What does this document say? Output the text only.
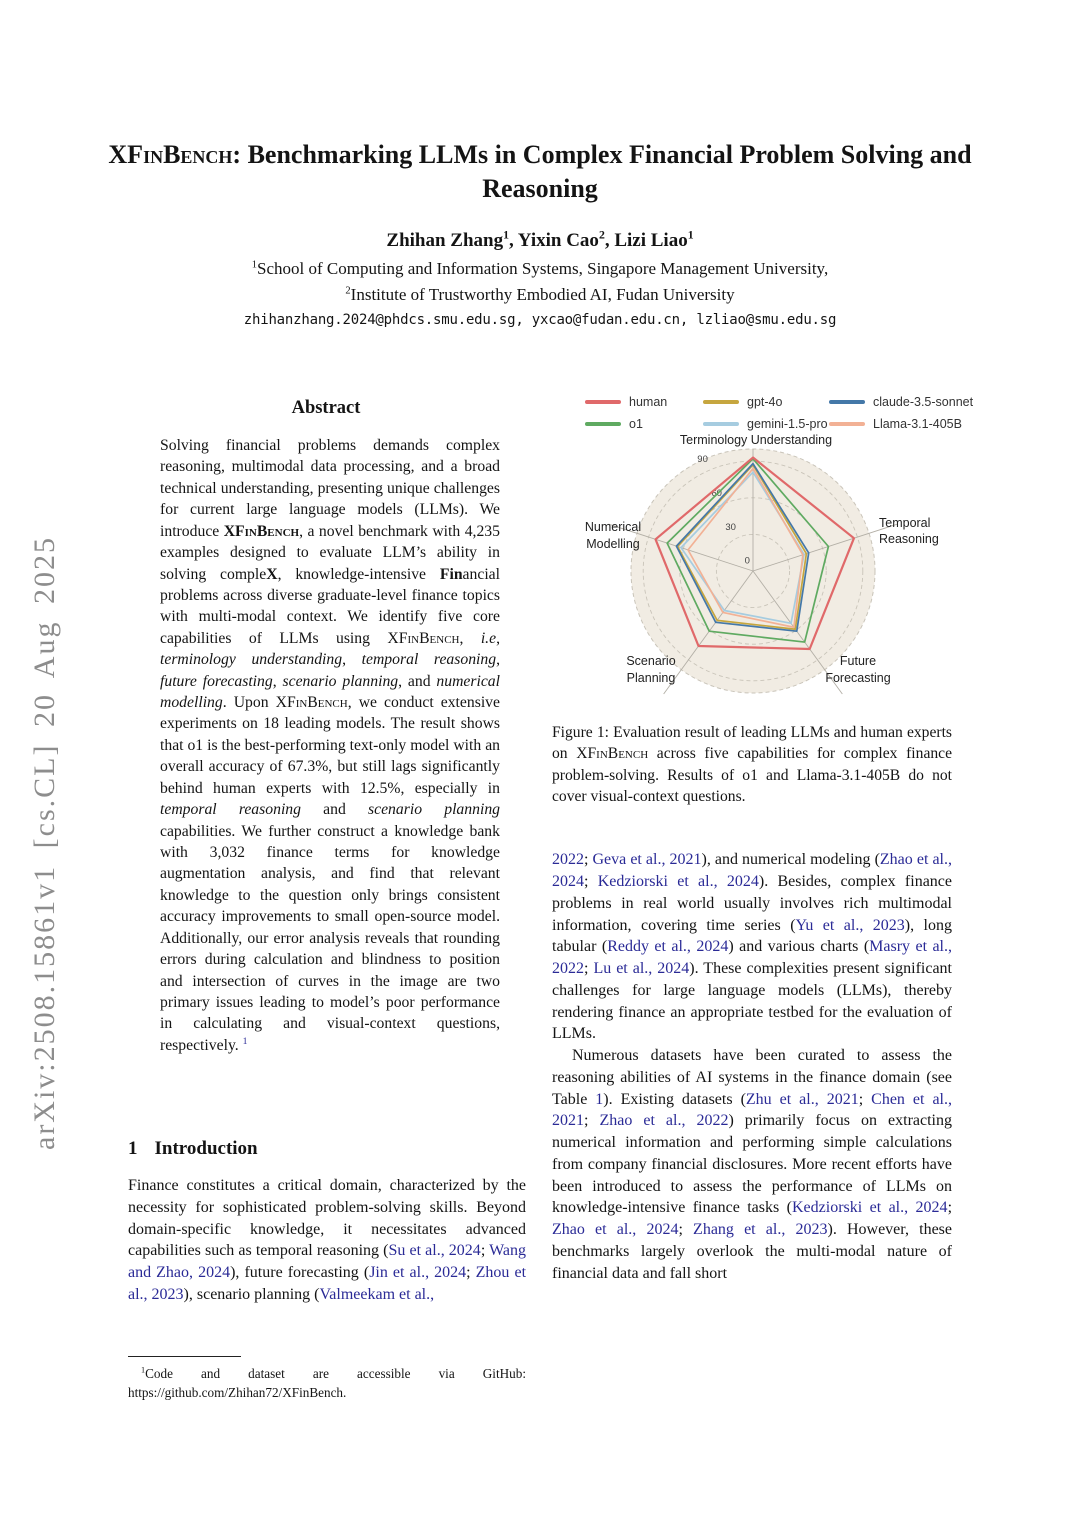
arXiv:2508.15861v1 [cs.CL] 20 Aug 2025
XFinBench: Benchmarking LLMs in Complex Financial Problem Solving and Reasoning
Zhihan Zhang$^1$, Yixin Cao$^2$, Lizi Liao$^1$
$^1$School of Computing and Information Systems, Singapore Management University,
$^2$Institute of Trustworthy Embodied AI, Fudan University
zhihanzhang.2024@phdcs.smu.edu.sg, yxcao@fudan.edu.cn, lzliao@smu.edu.sg
Abstract
Solving financial problems demands complex reasoning, multimodal data processing, and a broad technical understanding, presenting unique challenges for current large language models (LLMs). We introduce XFinBench, a novel benchmark with 4,235 examples designed to evaluate LLM’s ability in solving compleX, knowledge-intensive Financial problems across diverse graduate-level finance topics with multi-modal context. We identify five core capabilities of LLMs using XFinBench, i.e, terminology understanding, temporal reasoning, future forecasting, scenario planning, and numerical modelling. Upon XFinBench, we conduct extensive experiments on 18 leading models. The result shows that o1 is the best-performing text-only model with an overall accuracy of 67.3%, but still lags significantly behind human experts with 12.5%, especially in temporal reasoning and scenario planning capabilities. We further construct a knowledge bank with 3,032 finance terms for knowledge augmentation analysis, and find that relevant knowledge to the question only brings consistent accuracy improvements to small open-source model. Additionally, our error analysis reveals that rounding errors during calculation and blindness to position and intersection of curves in the image are two primary issues leading to model’s poor performance in calculating and visual-context questions, respectively. $^1$
1 Introduction
Finance constitutes a critical domain, characterized by the necessity for sophisticated problem-solving skills. Beyond domain-specific knowledge, it necessitates advanced capabilities such as temporal reasoning (Su et al., 2024; Wang and Zhao, 2024), future forecasting (Jin et al., 2024; Zhou et al., 2023), scenario planning (Valmeekam et al.,
$^1$Code and dataset are accessible via GitHub: https://github.com/Zhihan72/XFinBench.
human	gpt-4o	claude-3.5-sonnet
o1	gemini-1.5-pro	Llama-3.1-405B
0
30
60
90
Terminology Understanding
Temporal
Reasoning
Future
Forecasting
Scenario
Planning
Numerical
Modelling
Figure 1: Evaluation result of leading LLMs and human experts on XFinBench across five capabilities for complex finance problem-solving. Results of o1 and Llama-3.1-405B do not cover visual-context questions.
2022; Geva et al., 2021), and numerical modeling (Zhao et al., 2024; Kedziorski et al., 2024). Besides, complex finance problems in real world usually involves rich multimodal information, covering time series (Yu et al., 2023), long tabular (Reddy et al., 2024) and various charts (Masry et al., 2022; Lu et al., 2024). These complexities present significant challenges for large language models (LLMs), thereby rendering finance an appropriate testbed for the evaluation of LLMs.
Numerous datasets have been curated to assess the reasoning abilities of AI systems in the finance domain (see Table 1). Existing datasets (Zhu et al., 2021; Chen et al., 2021; Zhao et al., 2022) primarily focus on extracting numerical information and performing simple calculations from company financial disclosures. More recent efforts have been introduced to assess the performance of LLMs on knowledge-intensive finance tasks (Kedziorski et al., 2024; Zhao et al., 2024; Zhang et al., 2023). However, these benchmarks largely overlook the multi-modal nature of financial data and fall short
